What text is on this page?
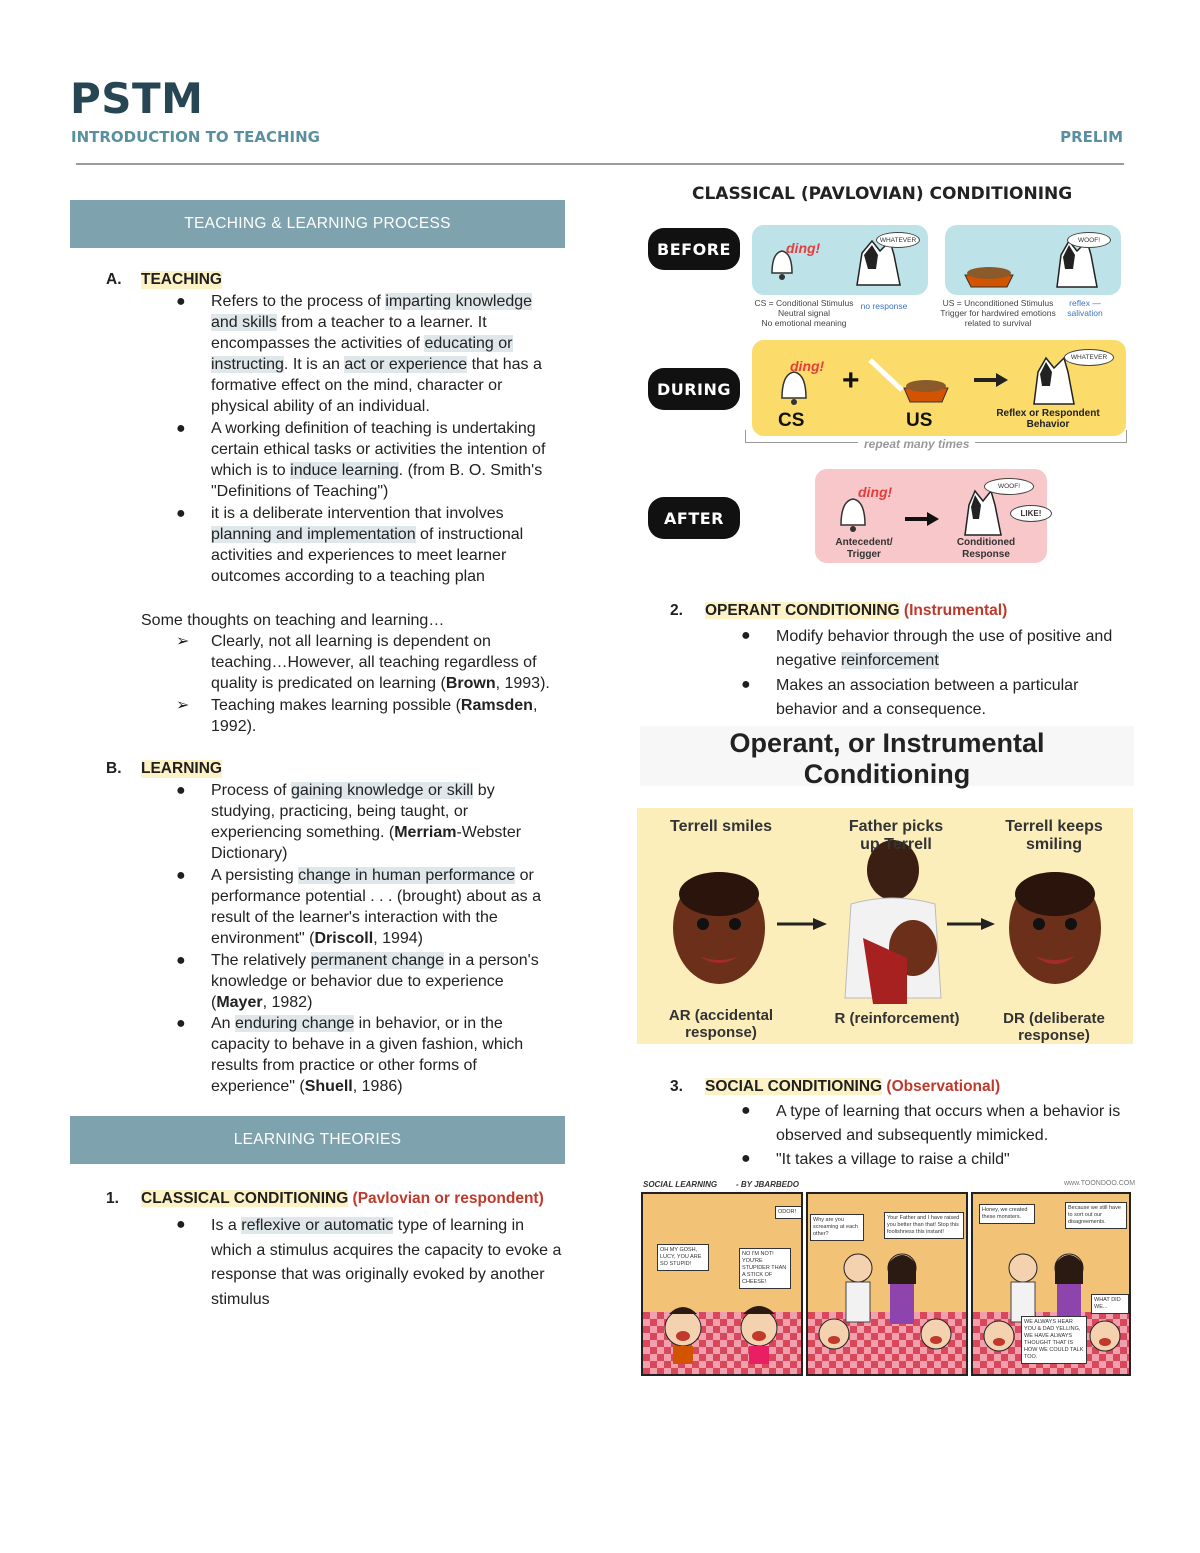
PSTM
INTRODUCTION TO TEACHING	PRELIM
TEACHING & LEARNING PROCESS
A. TEACHING
● Refers to the process of imparting knowledge and skills from a teacher to a learner. It encompasses the activities of educating or instructing. It is an act or experience that has a formative effect on the mind, character or physical ability of an individual.
● A working definition of teaching is undertaking certain ethical tasks or activities the intention of which is to induce learning. (from B. O. Smith's "Definitions of Teaching")
● it is a deliberate intervention that involves planning and implementation of instructional activities and experiences to meet learner outcomes according to a teaching plan
Some thoughts on teaching and learning…
➢ Clearly, not all learning is dependent on teaching…However, all teaching regardless of quality is predicated on learning (Brown, 1993).
➢ Teaching makes learning possible (Ramsden, 1992).
B. LEARNING
● Process of gaining knowledge or skill by studying, practicing, being taught, or experiencing something. (Merriam-Webster Dictionary)
● A persisting change in human performance or performance potential . . . (brought) about as a result of the learner's interaction with the environment" (Driscoll, 1994)
● The relatively permanent change in a person's knowledge or behavior due to experience (Mayer, 1982)
● An enduring change in behavior, or in the capacity to behave in a given fashion, which results from practice or other forms of experience" (Shuell, 1986)
LEARNING THEORIES
1. CLASSICAL CONDITIONING (Pavlovian or respondent)
● Is a reflexive or automatic type of learning in which a stimulus acquires the capacity to evoke a response that was originally evoked by another stimulus
CLASSICAL (PAVLOVIAN) CONDITIONING
BEFORE	ding!	WHATEVER	WOOF!
CS = Conditional Stimulus
Neutral signal
No emotional meaning
no response	US = Unconditioned Stimulus
Trigger for hardwired emotions
related to survival
reflex —
salivation
DURING
ding! +
CS	US	Reflex or Respondent
Behavior
WHATEVER
repeat many times
AFTER
ding!	WOOF!
LIKE!
Antecedent/
Trigger
Conditioned
Response
2. OPERANT CONDITIONING (Instrumental)
● Modify behavior through the use of positive and negative reinforcement
● Makes an association between a particular behavior and a consequence.
Operant, or Instrumental
Conditioning
Terrell smiles	Father picks
up Terrell
Terrell keeps
smiling
AR (accidental
response)
R (reinforcement)	DR (deliberate
response)
3. SOCIAL CONDITIONING (Observational)
● A type of learning that occurs when a behavior is observed and subsequently mimicked.
● "It takes a village to raise a child"
SOCIAL LEARNING - BY JBARBEDO	www.TOONDOO.COM
ODOR!
OH MY GOSH, LUCY, YOU ARE SO STUPID!
NO I'M NOT! YOU'RE STUPIDER THAN A STICK OF CHEESE!
Why are you screaming at each other?
Your Father and I have raised you better than that! Stop this foolishness this instant!
Honey, we created these monsters.
Because we still have to sort out our disagreements.
WHAT DID WE...
WE ALWAYS HEAR YOU & DAD YELLING, WE HAVE ALWAYS THOUGHT THAT IS HOW WE COULD TALK TOO.
